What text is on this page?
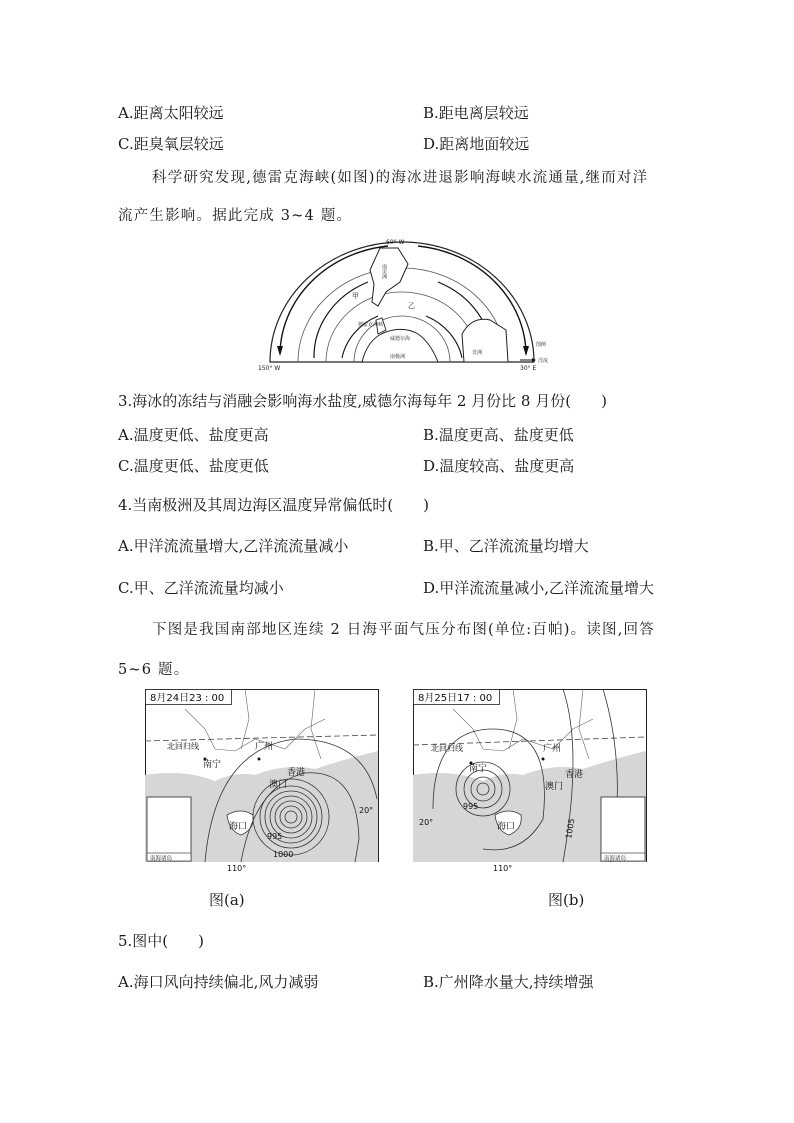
A.距离太阳较远	B.距电离层较远
C.距臭氧层较远	D.距离地面较远
科学研究发现,德雷克海峡(如图)的海冰进退影响海峡水流通量,继而对洋
流产生影响。据此完成 3~4 题。
60° W
150° W	30° E
南美洲
甲
乙
德雷克海峡
威德尔海
南极洲
非洲
图例
洋流
3.海冰的冻结与消融会影响海水盐度,威德尔海每年 2 月份比 8 月份(　　)
A.温度更低、盐度更高	B.温度更高、盐度更低
C.温度更低、盐度更低	D.温度较高、盐度更高
4.当南极洲及其周边海区温度异常偏低时(　　)
A.甲洋流流量增大,乙洋流流量减小	B.甲、乙洋流流量均增大
C.甲、乙洋流流量均减小	D.甲洋流流量减小,乙洋流流量增大
下图是我国南部地区连续 2 日海平面气压分布图(单位:百帕)。读图,回答
5~6 题。
8月24日23 : 00
北回归线	广州
南宁
香港
澳门
海口
20°
110°
995
1000
南海诸岛
图(a)
8月25日17 : 00
北回归线	广州
南宁
香港
澳门
海口
20°
110°
995
1005
南海诸岛
图(b)
5.图中(　　)
A.海口风向持续偏北,风力减弱	B.广州降水量大,持续增强
